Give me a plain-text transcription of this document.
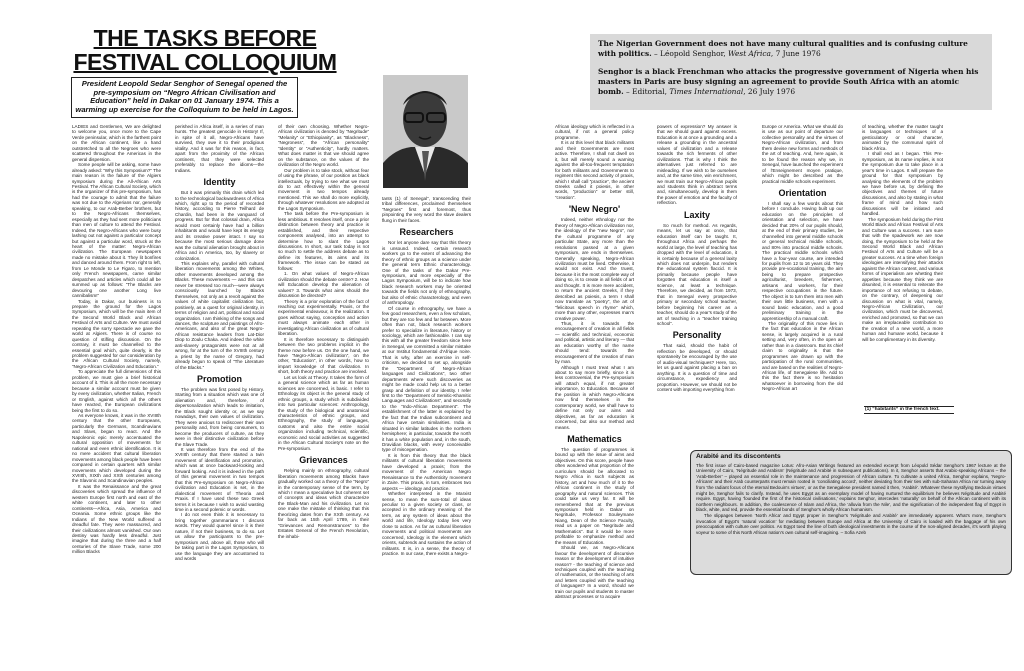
THE TASKS BEFORE
FESTIVAL COLLOQUIUM
President Leopold Sedar Senghor of Senegal opened the pre-symposium on “Negro African Civilisation and Education” held in Dakar on 01 January 1974. This a warming up exercise for the Colloquium to be held in Lagos.

LADIES and Gentlemen, We are delighted to welcome you, once more to the Cape Verde peninsular, which is the farthest point on the African continent, like a hand outstretched to all the Negroes who were scattered throughout the Americas in the general dispersion.

Some people will be asking, some have already asked: “Why this Symposium?” The main reason is the failure of the Algiers symposium during the All-African Arts Festival. The African Cultural Society, which is the organizer of this pre-symposium, has had the courage to admit that the failure was not due to the Algerians nor, generally speaking, to our Arab-Berber brothers, but to the Negro-Africans themselves, especially as they had sent more politicians than men of culture to attend the Festival. Indeed, the Negro-Africans who were busy lashing out not against a particular concept but against a particular word, struck at the heart of the matter: Negro-African civilization. The European newspapers made no mistake about it. They lit bonfires and danced around them. From right to left, from Le Monde to Le Figaro, to mention only French newspapers, came similar despatches and articles which could all be summed up as follows: “The Blacks are devouring one another Long live cannibalism!”

Today, in Dakar, our business is to prepare the ground for the Lagos Symposium, which will be the main item of the Second World Black and African Festival of Arts and Culture. We must avoid repeating the sorry spectacle we gave the world at Algiers. There is of course no question of stifling discussion. On the contrary, it must be channelled to the essential goal which, quite clearly, is the problem suggested for our consideration by the African Cultural Society, namely, “Negro-African Civilization and Education.”

To appreciate the full dimensions of this problem, we must give a brief historical account of it. This is all the more necessary because a similar account must be given by every civilization, whether Italian, French or English, against which all the others have reacted, the European civilizations being the first to do so.

As everyone knows, it was in the XVIIIth century that the other Europeans, particularly the Germans, Scandinavians and Slavs, began to react. And the Napoleonic epic merely accentuated the cultural opposition of movements for national and even ethnic identification. It is no mere accident that cultural liberation movements among black people have been compared in certain quarters with similar movements which developed during the XVIIIth, XIXth and XXth centuries among the Slavonic and Scandinavian peoples.

It was the Renaissance and the great discoveries which spread the influence of western Europe first north and east of the white continent, and later to other continents—Africa, Asia, America and Oceania. Some ethnic groups like the Indians of the New World suffered a dreadful fate. They were massacred, and their civilizations almost vanished. Our own destiny was hardly less dreadful. Just imagine that during the three and a half centuries of the Slave Trade, some 200 million Blacks

perished in Africa itself, in a series of man hunts. The greatest genocide in History! If, in spite of it all, Negro-Africans have survived, they owe it to their prodigious vitality. And it was for this reason, in fact, apart from the proximity of the African continent, that they were selected preferably to replace the idioms—the Indians.

Identity

But it was primarily this drain which led to the technological backwardness of Africa which, right up to the period of recorded history, according to Pierre Teilhard de Chardin, had been in the vanguard of progress. But for that colossal drain, Africa would most certainly have had a billion inhabitants and would have kept its energy and its creative power intact. I say so because the most serious damage done was the cultural alienation brought about in Africa and in America, too, by slavery or colonization.

This explains why, parallel with cultural liberation movements among the Whites, other movements developed among the Blacks. These movements — and this can never be stressed too much—were always consciously launched by Blacks themselves, not only as a revolt against the values of white capitalist civilization but, positively, as a quest for original identity, in terms of religion and art, political and social organization. I am thinking of the songs and dances, the sculpture and paintings of Afro-Americans, and also of the great Negro-African resistance leaders from Lat-Dior Diop to Zoulu Chaka. And indeed the white anti-slavery protagonists were not at all wrong, for at the turn of the XVIIIth century a priest by the name of Gregory, had already begun to speak of “The Literature of the Blacks.”

Promotion

The problem was first posed by History. Starting from a situation which was one of alienation and, therefore, of depersonalization which leads to imitation, the Black sought identity or, as we say nowadays, their own values of civilization. They were anxious to rediscover their own personality and, from being consumers, to become the producers of culture, as they were in their distinctive civilization before the Slave Trade.

It was therefore from the end of the XVIIIth century that there started a twin movement of identification and promotion, which was at once backward-looking and forward looking. And it is indeed in the path of this general movement in two tempos that this Pre-symposium on Negro-African civilization and Education is set, in the dialectical movement of Theoria and Praxis. If I have used these two Greek terms it is because I wish to avoid wasting time in a second polemic or words.

I do not even think it is necessary to bring together grammarians t discuss words. They would quarrel since it is their nature, if not their business, to do so. Let us allow the participants to the pre-symposium and, above all, those who will be taking part in the Lagos Symposium, to use the language they are accustomed to and words

of their own choosing. Whether Negro-African civilization is denoted by “Negritude” “Melanity” or “Ethiopianity”, as “Blackness”, “Negroness”, the “African personality” “Identity” or “Authenticity”, hardly matters. What does matter is that we should agree on the substance, on the values of the civilization of the Negro world.

Our problem is to take stock, without fear of using the phrase, of our position as black intellectuals, by trying to see what we must do to act effectively within the general movement in two tempos already mentioned. This we shall do more explicitly, through whatever resolutions are adopted at the Lagos Symposium.

The task before the Pre-symposium is less ambitious. It resolves itself, once a prior distinction between theory and practice is established, and their respective components analysed, into an attempt to determine how to slant the Lagos discussions. In short, our task today is not so much to settle the address debate as to define its features, its aims and its framework. The issue can be stated as follows:

1. On what values of Negro-African civilization should the debate centre? 2. How will Education develop the alienation of values? 3. Towards what aims should the discussion be directed?

Theory is a prior exploration of the fact of reaching out experimentally. Praxis, or the experimental endeavour, is the realization. It goes without saying, conception and action must always animate each other in investigating African civilization as of cultural liberation.

It is therefore necessary to distinguish between the two problems implicit in the theme now before us. On the one hand, we have “Negro-African civilization”, on the other, “Education”, in other words, how to impart knowledge of that civilization. In short, both theory and practice are involved.

Let us look at Theory. It takes the form of a general science which as far as human sciences are concerned, is basic. I refer to Ethnology its object is the general study of ethnic groups, a study which is subdivided into two particular sciences: Anthropology, the study of the biological and anatomical characteristics of ethnic groups, and Ethnography, the study of languages, customs and also the entire social organization including technical, scientific, economic and social activities as suggested in the African Cultural Society's note on the Pre-symposium.

Grievances

Relying mainly on ethnography, cultural liberation movements among Blacks have gradually worked out a theory of the “Negro” in the contemporary sense of the term, by which I mean a speculative but coherent set of concepts and ideas which characterize the Black-Man and his civilization. Let no one make the mistake of thinking that this theorizing dates from the XXth century. As far back as 15th April 1789, in their “Grievances and Remonstrances” to the Estates General of the French Revolution, the inhabi-

tants (1) of Senegal”, transcending their tribal differences, proclaimed themselves “Negroes” first and foremost, thus pinpointing the very word the slave dealers flung in their faces.

Researchers

Nor let anyone dare say that this theory is unsound. Indeed, certain research workers go to the extent of advancing the theory of ethnic groups as a science under the general term Ethnic characterology. One of the tasks of the Dakar Pre-symposium, and more especially of the Lagos Symposium, will be to indicate how black research workers may be oriented towards the fields not only of ethnography, but also of ethnic characterology, and even of anthropology.

Of course in ethnography, we have a few good researchers, even a few scholars, but they are too few and far between. More often than not, black research workers prefer to specialize in literature, history or sociology, which are fashionable. I can say this with all the greater freedom since here in Senegal, we committed a similar mistake at our Institut fondamental d'Afrique noire. That is why, after an exercise in self-criticism, we decided to set up, alongside the “Department of Negro-African languages and Civilizations”, two other departments where such discoveries as might be made could help us to a better grasp and definition of our identity. I refer first to the “Department of Semitic-Khamitic Languages and Civilizations”, and secondly to the “Indo-African Department”. The establishment of the latter is explained by the fact that the Indian subcontinent and Africa have certain similarities. India is situated in similar latitudes in the northern hemisphere; in particular, towards the north it has a white population and, in the south, Dravidian blacks, with every conceivable type of miscegenation.

It is from this theory that the black militants of cultural liberation movements have developed a praxis; from the movement of the American Negro Renaissance to the Authenticity movement in Zaire. This praxis, in turn, embraces two aspects — ideology and practice.

Whether interpreted in the Marxist sense, to mean the sum-total of ideas peculiar to a given society or class, or accepted in the ordinary meaning of the term, as any system of ideas about the world and life, Ideology today lies very close to action. As far as cultural liberation movements and political movements are concerned, Ideology is the element which orients, subtends and sustains the action of militants. It is, in a sense, the theory of practice. In our case, there exists a Negro-

The Nigerian Government does not have many cultural qualities and is confusing culture with politics. – Léopold Senghor, West Africa, 7 June 1976

Senghor is a black Frenchman who attacks the progressive government of Nigeria when his masters in Paris are busy signing an agreement to provide South Africa with an atomic bomb. – Editorial, Times International, 26 July 1976

African ideology which is reflected in a cultural, if not a general policy programme.

It is at this level that black militants and their Governments are most active. Therefore, I shall not dwell on it, but will merely sound a warning against the all-too-frequent temptation for both militants and Governments to regiment this second activity of praxis, which I shall call “practice”, the ancient Greeks called it poiesis, in other words, “production” or better still, “creation”.

'New Negro'

Indeed, neither ethnology nor the theory of Negro-African civilization nor, the ideology of the “new Negro”, nor the cultural programme of any particular State, any more than the resolutions passed at a given symposium, are ends in themselves. Generally speaking, Negro-African civilization must be lived. Otherwise, it would not exist. And the truest, because it is the most complete way of doing so, is to create in all fields of art and thought. It is more mere accident, to return the ancient Greeks, if they described as poiesis, a term I shall now translate as “poetry”, the art of “felicitous speech in rhyme” which, more than any other, expresses man's creative power.

Thus, it is towards the encouragement of creation in all fields — scientific and technical, economic and political, artistic and literary — that an education worthy of the name should tend: towards the encouragement of the creation of man by man.

Although I must treat what I am about to say more briefly, since it is less controversial, the Pre-symposium will attach equal, if not greater importance, to Education. Because of the position in which Negro-Africans now find themselves in the contemporary world, we shall have to define not only our aims and objectives, as far as education is concerned, but also our method and means.

Mathematics

The question of programmes is bound up with the issue of aims and objectives. On this score, people have often wondered what proportion of the curriculum should be allocated to Negro Africa in such subjects as history, art and how much of it to the African continent in the study of geography and natural sciences. This could take us very far. It will be remembered that at the previous symposium held in Dakar on Negritude, Professor Souleymane Niang, Dean of the Science Faculty, read us a paper on “Negritude and Mathematics”. But it would be more profitable to emphasize method and the means of Education.

Should we, as Negro-Africans favour the development of discursive reason or the development of intuitive reason? - the teaching of science and techniques coupled with the teaching of mathematics, or the teaching of arts and letters coupled with the teaching of languages? In a word, should we train our pupils and students to master abstract processes or to acquire

powers of expression? My answer is that we should guard against excess. Education is at once a grounding and a release a grounding in the ancestral values of civilization and a release towards the rich ferments of other civilizations. That is why I think the alternatives just referred to are misleading. If we wish to be ourselves and, at the same time, win enrichment, we must train our Negro-African pupils and students think in abstract terms and, simultaneously, develop in them the power of emotion and the faculty of reflection.

Laxity

So much for method. As regards, means, let us say at once, that education itself can be taught. It, throughout Africa and perhaps the world at large, the level of teaching has dropped with the level of education, it is certainly because of a general laxity which does not underpin, but renders the educational system flaccid. It is primarily because people have forgotten that education is itself a science, at least a technique. Therefore, we decided, as from 1973, that in Senegal every prospective primary or secondary school teacher, before beginning his career as a teacher, should do a year's study of the art of teaching in a “teacher training school”.

Personality

That said, should the habit of reflection be developed, or should spontaneity be encouraged by the use of audio-visual techniques? Here, too, let us guard against placing a ban on anything. It is a question of time and circumstance, expediency and proportion. However, we should not be content with importing everything from

Europe or America. What we should do is use as our point of departure our collective personality and the virtues of Negro-African civilization, and from them devise new forms and methods of the art of teaching. And, here again, is to be found the reason why we, in Senegal, have launched the experiment of l'Enseignement moyen pratique, which might be described as the practical middle schools experiment.

Orientation

I shall say a few words about this before I conclude. Having built up our education on the principles of orientation and selection, we have decided that 20% of our pupils should, at the end of their primary studies, be channelled into general middle schools or general technical middle schools, and 80% into practical middle schools. The practical middle schools which have a four-year course, are intended for pupils from 12 to 16 years old. They provide pre-vocational training, the aim being to prepare prospective agriculturist, breeders, fishermen, artisans and workers, for their respective occupations in the future. The object is to turn them into men with their own little business, men with a sound basic education, and a good preliminary training in the apprenticeship of a manual craft.

The originality of this move lies in the fact that education in the African sense, is largely acquired in a rural setting and, very often, in the open air rather than in a classroom. But its chief claim to originality is that the programmes are drawn up with the participation of the rural communities, and are based on the realities of Negro-African life, of Senegalese life. Add to this the fact there is no hesitation whatsoever in borrowing from the old Negro-African art

of teaching, whether the matter taught is languages or techniques of a gesticulatory or oral character, animated by the communal spirit of black Africa.

I shall end as I began. This Pre-symposium, as its name implies, is not the symposium due to take place in a year's time in Lagos. It will prepare the ground for that symposium by analysing the elements of the problem we have before us, by defining the objectives and themes of future discussions, and also by stating in what frame of mind and how such discussions will be initiated and handled.

The symposium held during the First World Black and African Festival of Arts and Culture was a success. I am sure that with the spadework we are now doing, the symposium to be held at the Second World Black and African Festival of Arts and Culture will be a greater success. At a time when foreign ideologies are intensifying their attacks against the African content, and various forms of imperialism are whetting their appetites because they think we are disunited, it is essential to reiterate the importance of not refusing to debate, on the contrary, of deepening our discussion on what is vital, namely, Negro-African Civilization, our civilization, which must be discovered, enriched and promoted, so that we can make an irreplaceable contribution to the creation of a new world, a more human and humane world, because it will be complimentary in its diversity.

(1) “habitants” in the french text.
Arabité and its discontents

The first issue of Cairo-based magazine Lotus: Afro-Asian Writings featured an extended excerpt from Léopold Sédar Senghor's 1967 lecture at the University of Cairo, ‘Négritude and Arabism’ (Négritude and Arabité in subsequent publications). In it, Senghor asserts that Arabic-speaking Africans – the ‘Arab-Berber’ – played an essential role in the maintenance and progression of African culture. To cultivate a united Africa, Senghor explains, ‘Negro-Africans’ and their Arab counterparts must remain rooted in ‘conciliating accord’, neither deviating from their ties with sub-Saharan Africa nor turning away from ‘the radiant focus of the eternal Bedouin's virtues’, or as the Senegalese president named it then, ‘Arabité’. Whatever these mystifying Bedouin virtues might be, Senghor fails to clarify. Instead, he uses Egypt as an exemplary model of having nurtured the equilibrium he believes Négritude and Arabité require. Egypt, having ‘founded the first of the historical civilisations,’ explains Senghor, intercedes ‘naturally’ on behalf of the African continent with its northern neighbours. In addition, the coalescence of Islam and Africa, the ‘alluvia from the Nile’, and the signification of the independent flag of Egypt in black, white, and red, provide the essential bonds of Senghor's wholly African humanism.

The slippages between ‘North Africa’ and Egypt proper in Senghor's ‘Négritude and Arabité’ are immediately apparent. What's more, Senghor's invocation of Egypt's ‘natural vocation’ for mediating between Europe and Africa at the University of Cairo is loaded with the baggage of his own preoccupation with culture over politics. As Egypt toed the line of both ideological investments in the course of the non-aligned decades, it's worth playing voyeur to some of this North African nation's own cultural self-imagining. – Sofia Azeb
